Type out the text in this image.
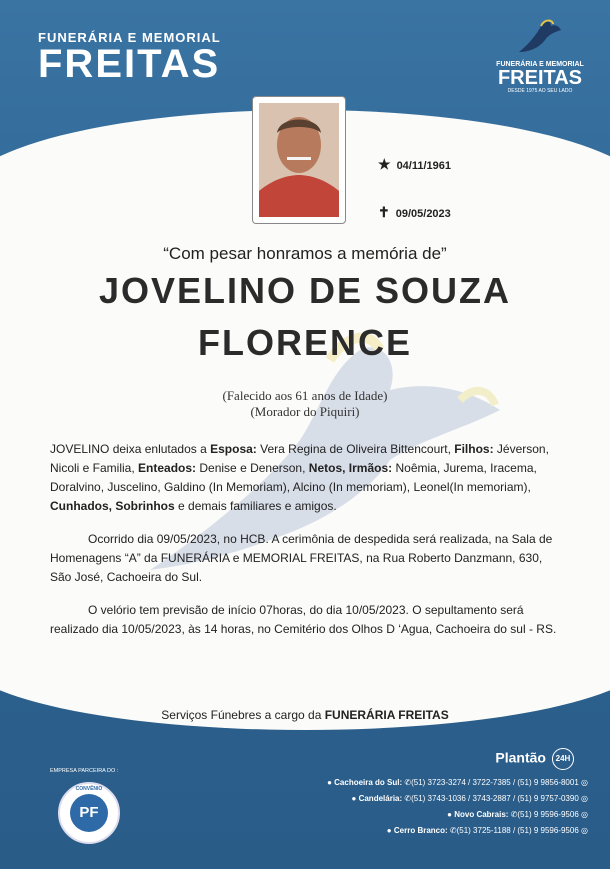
FUNERÁRIA E MEMORIAL
FREITAS	FUNERÁRIA E MEMORIAL
FREITAS
DESDE 1975 AO SEU LADO
★ 04/11/1961
✝ 09/05/2023
“Com pesar honramos a memória de”
JOVELINO DE SOUZA
FLORENCE
(Falecido aos 61 anos de Idade)
(Morador do Piquiri)

JOVELINO deixa enlutados a Esposa: Vera Regina de Oliveira Bittencourt, Filhos: Jéverson, Nicoli e Familia, Enteados: Denise e Denerson, Netos, Irmãos: Noêmia, Jurema, Iracema, Doralvino, Juscelino, Galdino (In Memoriam), Alcino (In memoriam), Leonel(In memoriam), Cunhados, Sobrinhos e demais familiares e amigos.

Ocorrido dia 09/05/2023, no HCB. A cerimônia de despedida será realizada, na Sala de Homenagens “A” da FUNERÁRIA e MEMORIAL FREITAS, na Rua Roberto Danzmann, 630, São José, Cachoeira do Sul.

O velório tem previsão de início 07horas, do dia 10/05/2023. O sepultamento será realizado dia 10/05/2023, às 14 horas, no Cemitério dos Olhos D ‘Agua, Cachoeira do sul - RS.

Serviços Fúnebres a cargo da FUNERÁRIA FREITAS
Plantão 24H
● Cachoeira do Sul: ✆(51) 3723-3274 / 3722-7385 / (51) 9 9856-8001 ◎
● Candelária: ✆(51) 3743-1036 / 3743-2887 / (51) 9 9757-0390 ◎
● Novo Cabrais: ✆(51) 9 9596-9506 ◎
● Cerro Branco: ✆(51) 3725-1188 / (51) 9 9596-9506 ◎
EMPRESA PARCEIRA DO :
CONVÊNIO
PF
